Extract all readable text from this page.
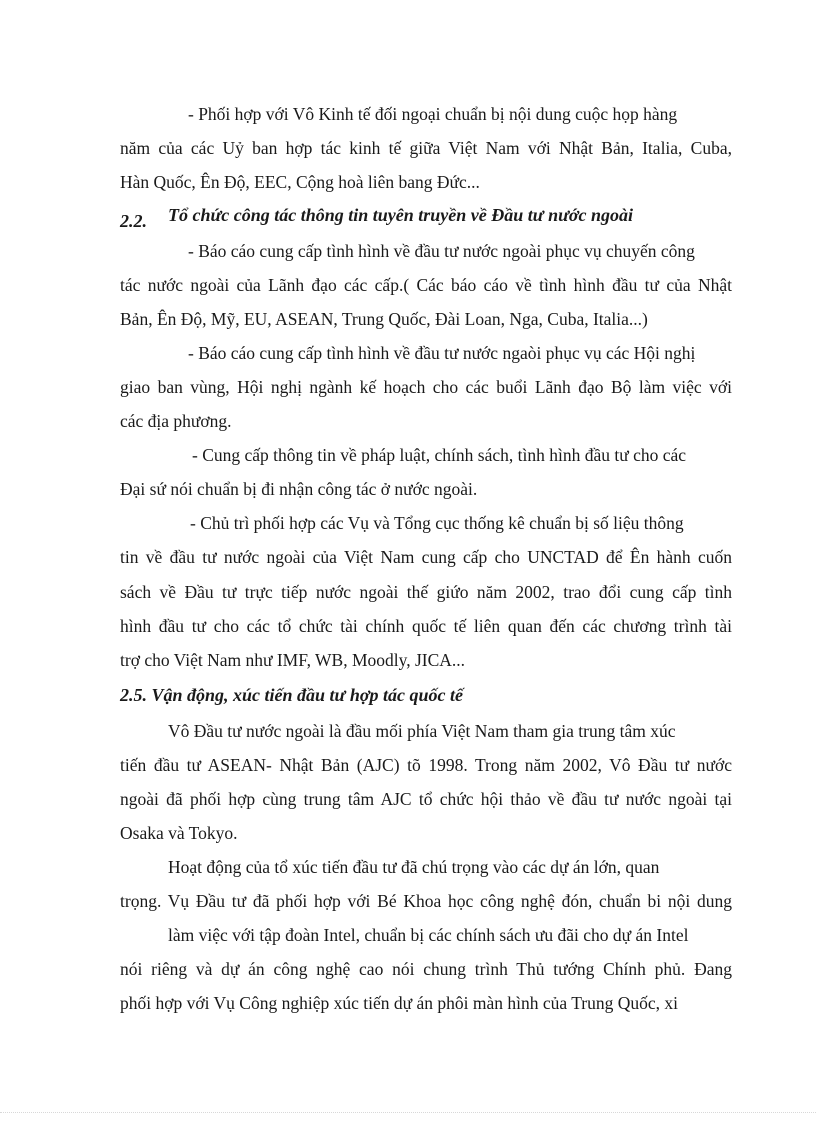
- Phối hợp với Vô Kinh tế đối ngoại chuẩn bị nội dung cuộc họp hàng
năm của các Uỷ ban hợp tác kinh tế giữa Việt Nam với Nhật Bản, Italia, Cuba,
Hàn Quốc, Ên Độ, EEC, Cộng hoà liên bang Đức...
2.2. Tổ chức công tác thông tin tuyên truyền về Đầu tư nước ngoài
- Báo cáo cung cấp tình hình về đầu tư nước ngoài phục vụ chuyến công
tác nước ngoài của Lãnh đạo các cấp.( Các báo cáo về tình hình đầu tư của Nhật
Bản, Ên Độ, Mỹ, EU, ASEAN, Trung Quốc, Đài Loan, Nga, Cuba, Italia...)
- Báo cáo cung cấp tình hình về đầu tư nước ngaòi phục vụ các Hội nghị
giao ban vùng, Hội nghị ngành kế hoạch cho các buổi Lãnh đạo Bộ làm việc với
các địa phương.
- Cung cấp thông tin về pháp luật, chính sách, tình hình đầu tư cho các
Đại sứ nói chuẩn bị đi nhận công tác ở nước ngoài.
- Chủ trì phối hợp các Vụ và Tổng cục thống kê chuẩn bị số liệu thông
tin về đầu tư nước ngoài của Việt Nam cung cấp cho UNCTAD để Ên hành cuốn
sách về Đầu tư trực tiếp nước ngoài thế giứo năm 2002, trao đổi cung cấp tình
hình đầu tư cho các tổ chức tài chính quốc tế liên quan đến các chương trình tài
trợ cho Việt Nam như IMF, WB, Moodly, JICA...
2.5. Vận động, xúc tiến đầu tư hợp tác quốc tế
Vô Đầu tư nước ngoài là đầu mối phía Việt Nam tham gia trung tâm xúc
tiến đầu tư ASEAN- Nhật Bản (AJC) tõ 1998. Trong năm 2002, Vô Đầu tư nước
ngoài đã phối hợp cùng trung tâm AJC tổ chức hội thảo về đầu tư nước ngoài tại
Osaka và Tokyo.
Hoạt động của tổ xúc tiến đầu tư đã chú trọng vào các dự án lớn, quan
trọng. Vụ Đầu tư đã phối hợp với Bé Khoa học công nghệ đón, chuẩn bi nội dung
làm việc với tập đoàn Intel, chuẩn bị các chính sách ưu đãi cho dự án Intel
nói riêng và dự án công nghệ cao nói chung trình Thủ tướng Chính phủ. Đang
phối hợp với Vụ Công nghiệp xúc tiến dự án phôi màn hình của Trung Quốc, xi
